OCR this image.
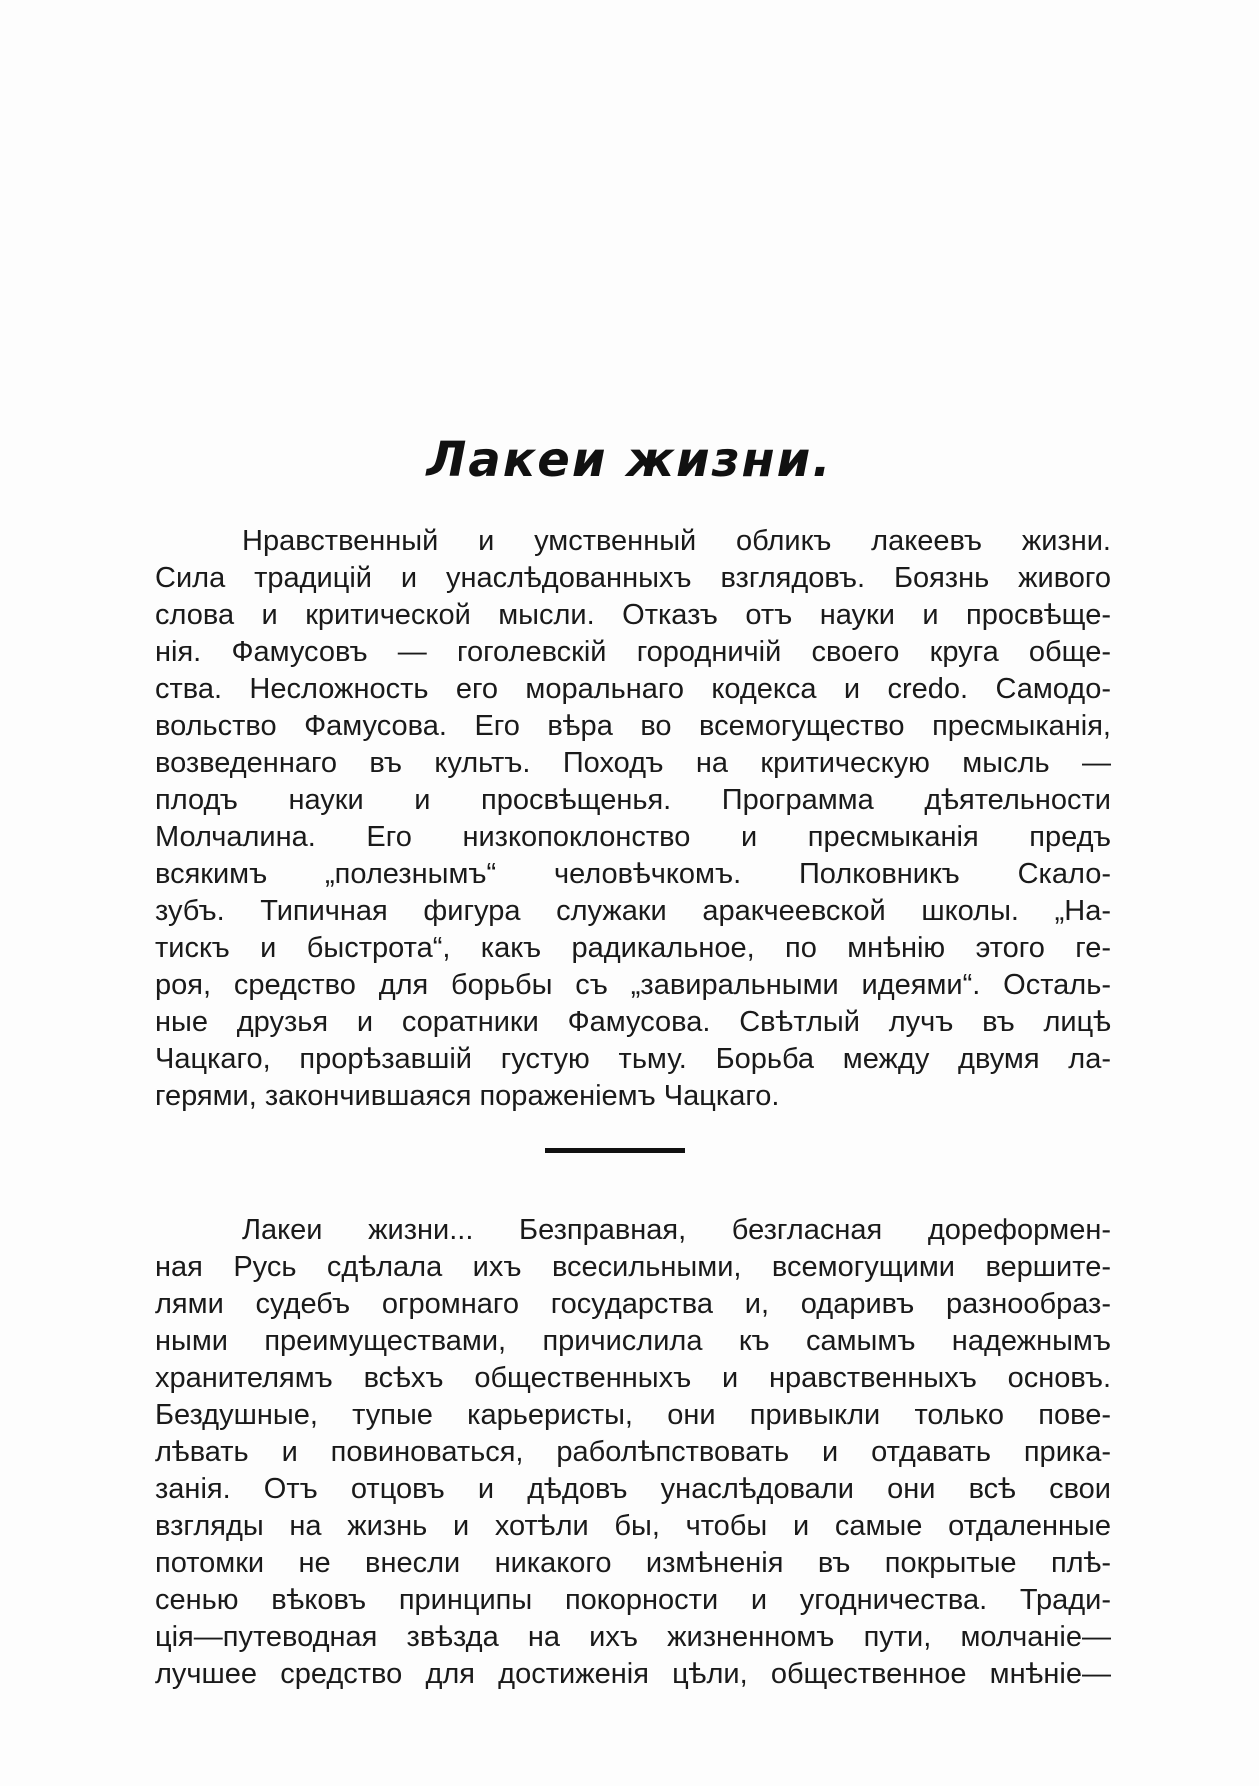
Лакеи жизни.
Нравственный и умственный обликъ лакеевъ жизни.
Сила традицій и унаслѣдованныхъ взглядовъ. Боязнь живого
слова и критической мысли. Отказъ отъ науки и просвѣще-
нія. Фамусовъ — гоголевскій городничій своего круга обще-
ства. Несложность его моральнаго кодекса и credo. Самодо-
вольство Фамусова. Его вѣра во всемогущество пресмыканія,
возведеннаго въ культъ. Походъ на критическую мысль —
плодъ науки и просвѣщенья. Программа дѣятельности
Молчалина. Его низкопоклонство и пресмыканія предъ
всякимъ „полезнымъ“ человѣчкомъ. Полковникъ Скало-
зубъ. Типичная фигура служаки аракчеевской школы. „На-
тискъ и быстрота“, какъ радикальное, по мнѣнію этого ге-
роя, средство для борьбы съ „завиральными идеями“. Осталь-
ные друзья и соратники Фамусова. Свѣтлый лучъ въ лицѣ
Чацкаго, прорѣзавшій густую тьму. Борьба между двумя ла-
герями, закончившаяся пораженіемъ Чацкаго.
Лакеи жизни... Безправная, безгласная дореформен-
ная Русь сдѣлала ихъ всесильными, всемогущими вершите-
лями судебъ огромнаго государства и, одаривъ разнообраз-
ными преимуществами, причислила къ самымъ надежнымъ
хранителямъ всѣхъ общественныхъ и нравственныхъ основъ.
Бездушные, тупые карьеристы, они привыкли только пове-
лѣвать и повиноваться, раболѣпствовать и отдавать прика-
занія. Отъ отцовъ и дѣдовъ унаслѣдовали они всѣ свои
взгляды на жизнь и хотѣли бы, чтобы и самые отдаленные
потомки не внесли никакого измѣненія въ покрытые плѣ-
сенью вѣковъ принципы покорности и угодничества. Тради-
ція—путеводная звѣзда на ихъ жизненномъ пути, молчаніе—
лучшее средство для достиженія цѣли, общественное мнѣніе—
